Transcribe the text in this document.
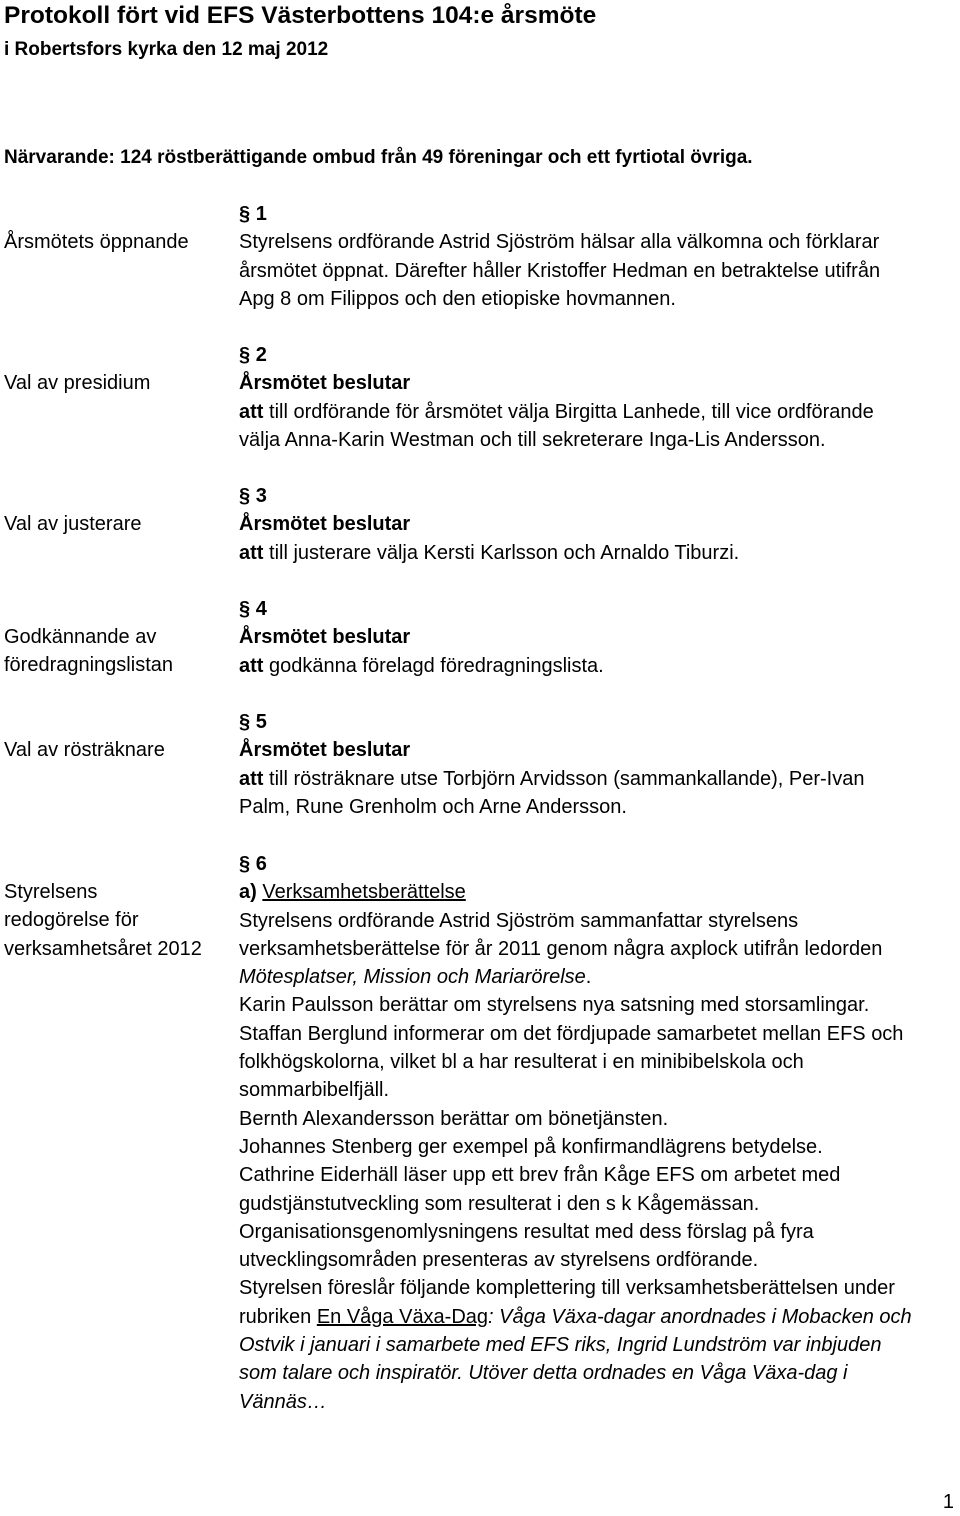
Protokoll fört vid EFS Västerbottens 104:e årsmöte
i Robertsfors kyrka den 12 maj 2012
Närvarande: 124 röstberättigande ombud från 49 föreningar och ett fyrtiotal övriga.
Årsmötets öppnande
Val av presidium
Val av justerare
Godkännande av
föredragningslistan
Val av rösträknare
Styrelsens
redogörelse för
verksamhetsåret 2012
§ 1
Styrelsens ordförande Astrid Sjöström hälsar alla välkomna och förklarar
årsmötet öppnat. Därefter håller Kristoffer Hedman en betraktelse utifrån
Apg 8 om Filippos och den etiopiske hovmannen.
§ 2
Årsmötet beslutar
att till ordförande för årsmötet välja Birgitta Lanhede, till vice ordförande
välja Anna-Karin Westman och till sekreterare Inga-Lis Andersson.
§ 3
Årsmötet beslutar
att till justerare välja Kersti Karlsson och Arnaldo Tiburzi.
§ 4
Årsmötet beslutar
att godkänna förelagd föredragningslista.
§ 5
Årsmötet beslutar
att till rösträknare utse Torbjörn Arvidsson (sammankallande), Per-Ivan
Palm, Rune Grenholm och Arne Andersson.
§ 6
a) Verksamhetsberättelse
Styrelsens ordförande Astrid Sjöström sammanfattar styrelsens
verksamhetsberättelse för år 2011 genom några axplock utifrån ledorden
Mötesplatser, Mission och Mariarörelse.
Karin Paulsson berättar om styrelsens nya satsning med storsamlingar.
Staffan Berglund informerar om det fördjupade samarbetet mellan EFS och
folkhögskolorna, vilket bl a har resulterat i en minibibelskola och
sommarbibelfjäll.
Bernth Alexandersson berättar om bönetjänsten.
Johannes Stenberg ger exempel på konfirmandlägrens betydelse.
Cathrine Eiderhäll läser upp ett brev från Kåge EFS om arbetet med
gudstjänstutveckling som resulterat i den s k Kågemässan.
Organisationsgenomlysningens resultat med dess förslag på fyra
utvecklingsområden presenteras av styrelsens ordförande.
Styrelsen föreslår följande komplettering till verksamhetsberättelsen under
rubriken En Våga Växa-Dag: Våga Växa-dagar anordnades i Mobacken och
Ostvik i januari i samarbete med EFS riks, Ingrid Lundström var inbjuden
som talare och inspiratör. Utöver detta ordnades en Våga Växa-dag i
Vännäs…
1
